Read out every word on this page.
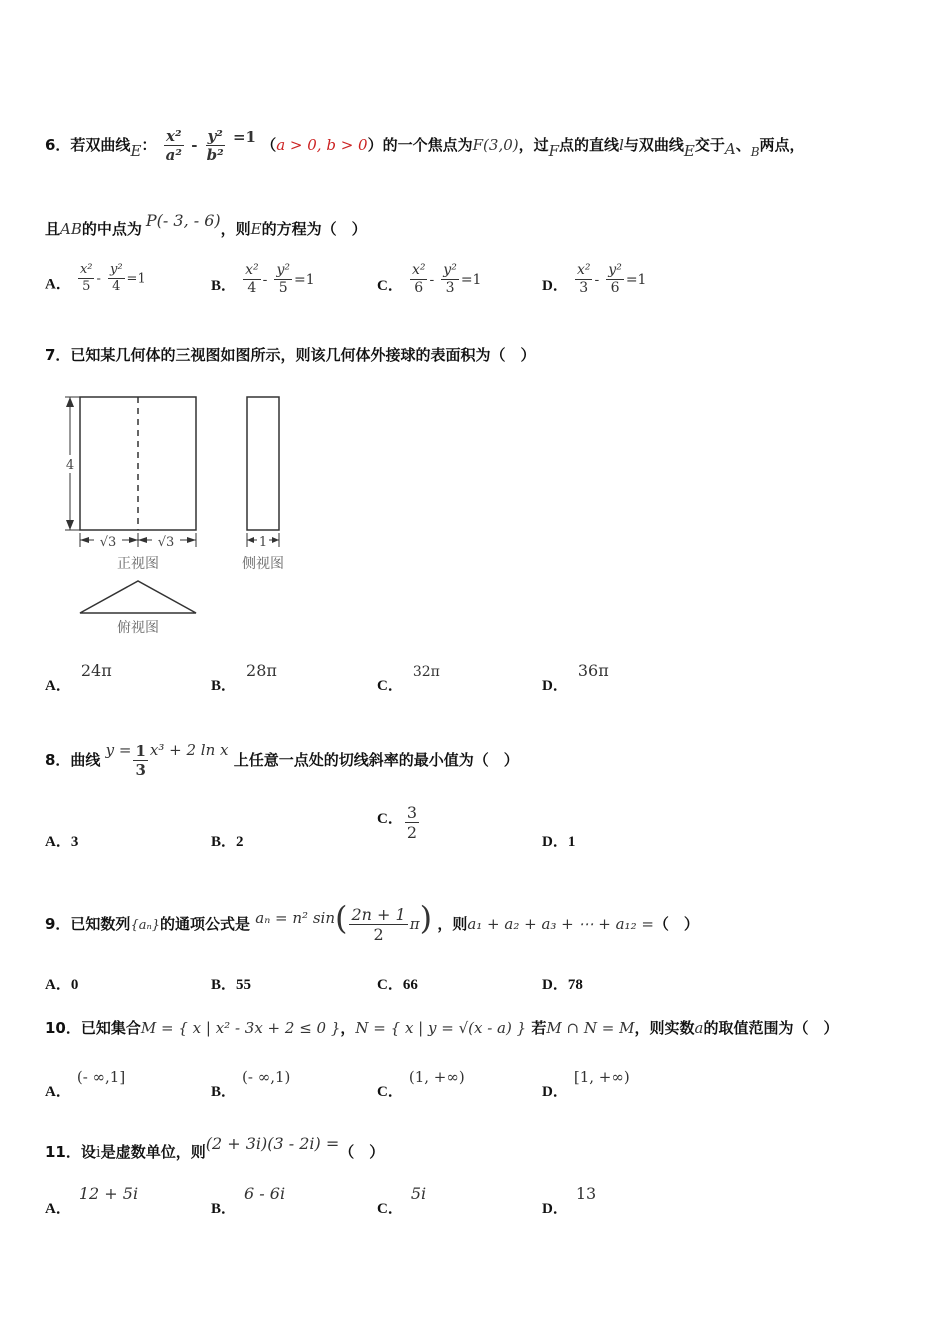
6．若双曲线E： $\frac{\text{x²}}{\text{a²}} - \frac{\text{y²}}{\text{b²}} =1$ （a > 0, b > 0）的一个焦点为F(3,0)，过F点的直线l与双曲线E交于A、$_B$两点，
且AB的中点为 P(- 3, - 6)，则E的方程为（　）
A． $\frac{\text{x²}}{5} - \frac{\text{y²}}{4} =1$	B． $\frac{\text{x²}}{4} - \frac{\text{y²}}{5} =1$	C． $\frac{\text{x²}}{6} - \frac{\text{y²}}{3} =1$	D． $\frac{\text{x²}}{3} - \frac{\text{y²}}{6} =1$
7．已知某几何体的三视图如图所示，则该几何体外接球的表面积为（　）
4
√3	√3
正视图
1
侧视图
俯视图
A．24π
B．28π
C．32π
D．36π
8．曲线 $y = \frac{1}{3} x^3 + 2$ ln x 上任意一点处的切线斜率的最小值为（　）
A．3	B．2
C． $\frac{3}{2}$	D．1
9．已知数列{aₙ}的通项公式是 aₙ = n² $\sin( \frac{2n + 1}{2} \pi)$ ，则a₁ + a₂ + a₃ + ⋯ + a₁₂ =（　）
A．0	B．55	C．66	D．78
10．已知集合M = { x | x² - 3x + 2 ≤ 0 }，N = { x | y = √(x - a) } 若M ∩ N = M，则实数a的取值范围为（　）
A．(- ∞,1]
B．(- ∞,1)
C．(1, +∞)
D．[1, +∞)
11．设i是虚数单位，则(2 + 3i)(3 - 2i) =（　）
A．12 + 5i
B．6 - 6i
C．5i
D．13
